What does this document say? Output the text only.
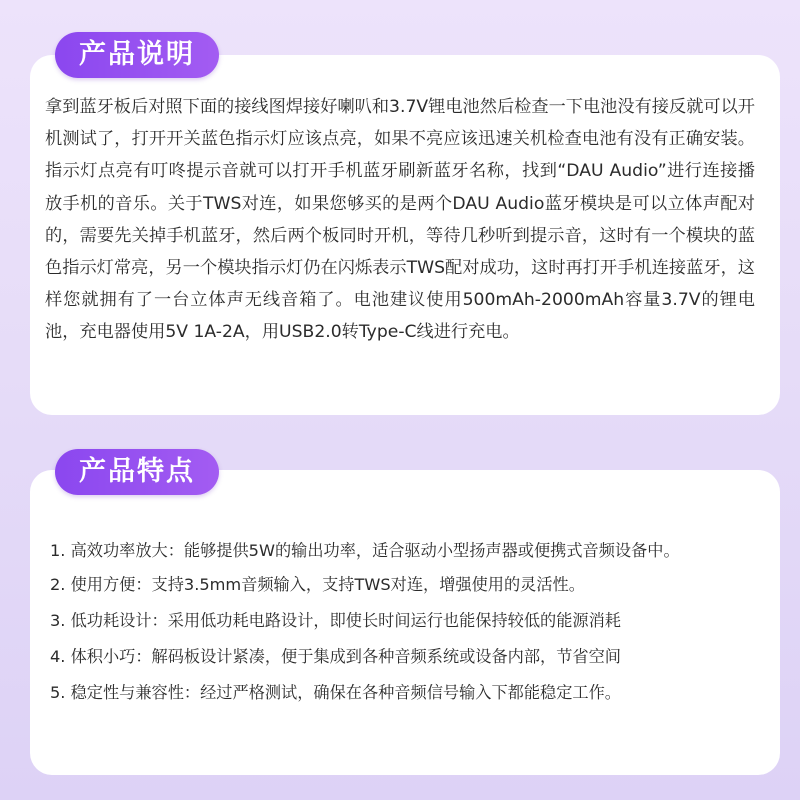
产品说明

拿到蓝牙板后对照下面的接线图焊接好喇叭和3.7V锂电池然后检查一下电池没有接反就可以开机测试了，打开开关蓝色指示灯应该点亮，如果不亮应该迅速关机检查电池有没有正确安装。指示灯点亮有叮咚提示音就可以打开手机蓝牙刷新蓝牙名称，找到“DAU Audio”进行连接播放手机的音乐。关于TWS对连，如果您够买的是两个DAU Audio蓝牙模块是可以立体声配对的，需要先关掉手机蓝牙，然后两个板同时开机，等待几秒听到提示音，这时有一个模块的蓝色指示灯常亮，另一个模块指示灯仍在闪烁表示TWS配对成功，这时再打开手机连接蓝牙，这样您就拥有了一台立体声无线音箱了。电池建议使用500mAh-2000mAh容量3.7V的锂电池，充电器使用5V 1A-2A，用USB2.0转Type-C线进行充电。

产品特点
1. 高效功率放大：能够提供5W的输出功率，适合驱动小型扬声器或便携式音频设备中。
2. 使用方便：支持3.5mm音频输入，支持TWS对连，增强使用的灵活性。
3. 低功耗设计：采用低功耗电路设计，即使长时间运行也能保持较低的能源消耗
4. 体积小巧：解码板设计紧凑，便于集成到各种音频系统或设备内部，节省空间
5. 稳定性与兼容性：经过严格测试，确保在各种音频信号输入下都能稳定工作。
